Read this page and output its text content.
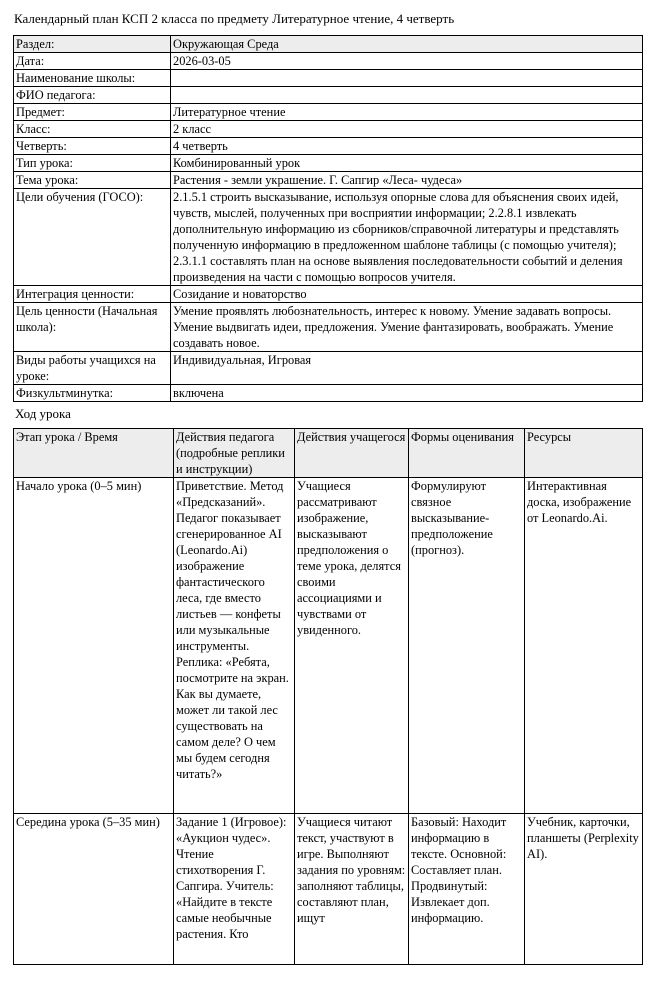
Календарный план КСП 2 класса по предмету Литературное чтение, 4 четверть
Раздел:	Окружающая Среда
Дата:	2026-03-05
Наименование школы:	
ФИО педагога:	
Предмет:	Литературное чтение
Класс:	2 класс
Четверть:	4 четверть
Тип урока:	Комбинированный урок
Тема урока:	Растения - земли украшение. Г. Сапгир «Леса- чудеса»
Цели обучения (ГОСО):	2.1.5.1 строить высказывание, используя опорные слова для объяснения своих идей, чувств, мыслей, полученных при восприятии информации; 2.2.8.1 извлекать дополнительную информацию из сборников/справочной литературы и представлять полученную информацию в предложенном шаблоне таблицы (с помощью учителя); 2.3.1.1 составлять план на основе выявления последовательности событий и деления произведения на части с помощью вопросов учителя.
Интеграция ценности:	Созидание и новаторство
Цель ценности (Начальная школа):	Умение проявлять любознательность, интерес к новому. Умение задавать вопросы. Умение выдвигать идеи, предложения. Умение фантазировать, воображать. Умение создавать новое.
Виды работы учащихся на уроке:	Индивидуальная, Игровая
Физкультминутка:	включена
Ход урока
Этап урока / Время	Действия педагога (подробные реплики и инструкции)	Действия учащегося	Формы оценивания	Ресурсы
Начало урока (0–5 мин)	Приветствие. Метод «Предсказаний». Педагог показывает сгенерированное AI (Leonardo.Ai) изображение фантастического леса, где вместо листьев — конфеты или музыкальные инструменты. Реплика: «Ребята, посмотрите на экран. Как вы думаете, может ли такой лес существовать на самом деле? О чем мы будем сегодня читать?»	Учащиеся рассматривают изображение, высказывают предположения о теме урока, делятся своими ассоциациями и чувствами от увиденного.	Формулируют связное высказывание-предположение (прогноз).	Интерактивная доска, изображение от Leonardo.Ai.
Середина урока (5–35 мин)	Задание 1 (Игровое): «Аукцион чудес». Чтение стихотворения Г. Сапгира. Учитель: «Найдите в тексте самые необычные растения. Кто	Учащиеся читают текст, участвуют в игре. Выполняют задания по уровням: заполняют таблицы, составляют план, ищут	Базовый: Находит информацию в тексте. Основной: Составляет план. Продвинутый: Извлекает доп. информацию.	Учебник, карточки, планшеты (Perplexity AI).
